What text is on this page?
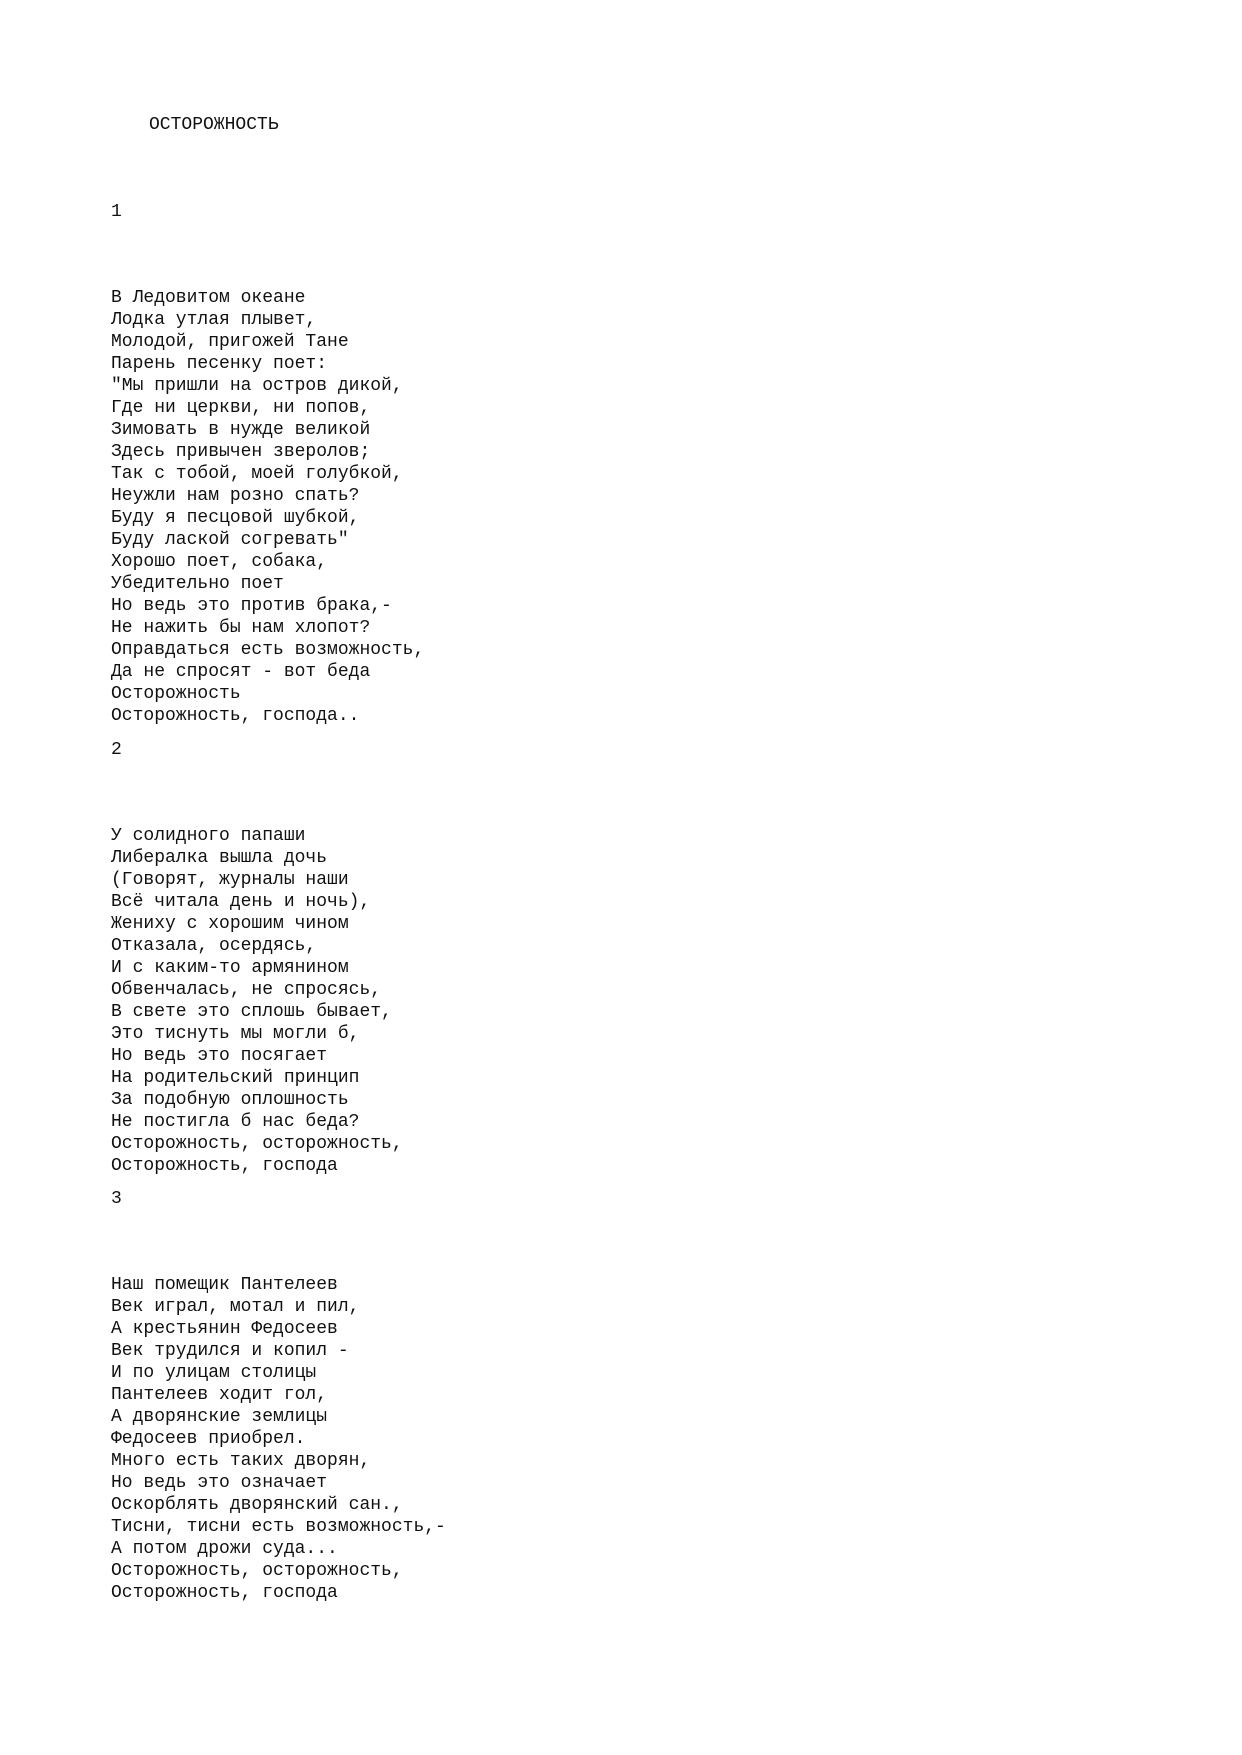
ОСТОРОЖНОСТЬ
1
В Ледовитом океане
Лодка утлая плывет,
Молодой, пригожей Тане
Парень песенку поет:
"Мы пришли на остров дикой,
Где ни церкви, ни попов,
Зимовать в нужде великой
Здесь привычен зверолов;
Так с тобой, моей голубкой,
Неужли нам розно спать?
Буду я песцовой шубкой,
Буду лаской согревать"
Хорошо поет, собака,
Убедительно поет
Но ведь это против брака,-
Не нажить бы нам хлопот?
Оправдаться есть возможность,
Да не спросят - вот беда
Осторожность
Осторожность, господа..
2
У солидного папаши
Либералка вышла дочь
(Говорят, журналы наши
Всё читала день и ночь),
Жениху с хорошим чином
Отказала, осердясь,
И с каким-то армянином
Обвенчалась, не спросясь,
В свете это сплошь бывает,
Это тиснуть мы могли б,
Но ведь это посягает
На родительский принцип
За подобную оплошность
Не постигла б нас беда?
Осторожность, осторожность,
Осторожность, господа
3
Наш помещик Пантелеев
Век играл, мотал и пил,
А крестьянин Федосеев
Век трудился и копил -
И по улицам столицы
Пантелеев ходит гол,
А дворянские землицы
Федосеев приобрел.
Много есть таких дворян,
Но ведь это означает
Оскорблять дворянский сан.,
Тисни, тисни есть возможность,-
А потом дрожи суда...
Осторожность, осторожность,
Осторожность, господа
